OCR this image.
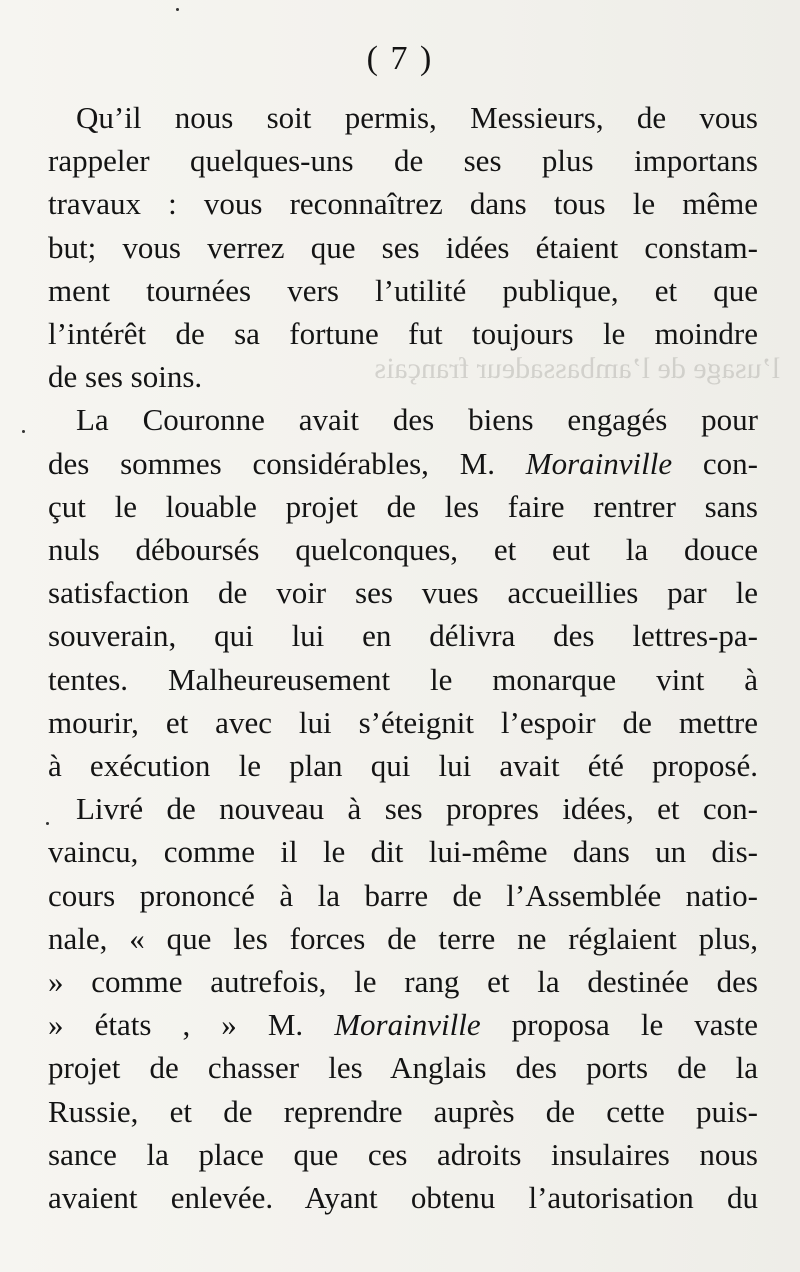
l’usage de l’ambassadeur français
( 7 )
Qu’il nous soit permis, Messieurs, de vous
rappeler quelques-uns de ses plus importans
travaux : vous reconnaîtrez dans tous le même
but; vous verrez que ses idées étaient constam-
ment tournées vers l’utilité publique, et que
l’intérêt de sa fortune fut toujours le moindre
de ses soins.
La Couronne avait des biens engagés pour
des sommes considérables, M. Morainville con-
çut le louable projet de les faire rentrer sans
nuls déboursés quelconques, et eut la douce
satisfaction de voir ses vues accueillies par le
souverain, qui lui en délivra des lettres-pa-
tentes. Malheureusement le monarque vint à
mourir, et avec lui s’éteignit l’espoir de mettre
à exécution le plan qui lui avait été proposé.
Livré de nouveau à ses propres idées, et con-
vaincu, comme il le dit lui-même dans un dis-
cours prononcé à la barre de l’Assemblée natio-
nale, « que les forces de terre ne réglaient plus,
» comme autrefois, le rang et la destinée des
» états , » M. Morainville proposa le vaste
projet de chasser les Anglais des ports de la
Russie, et de reprendre auprès de cette puis-
sance la place que ces adroits insulaires nous
avaient enlevée. Ayant obtenu l’autorisation du
